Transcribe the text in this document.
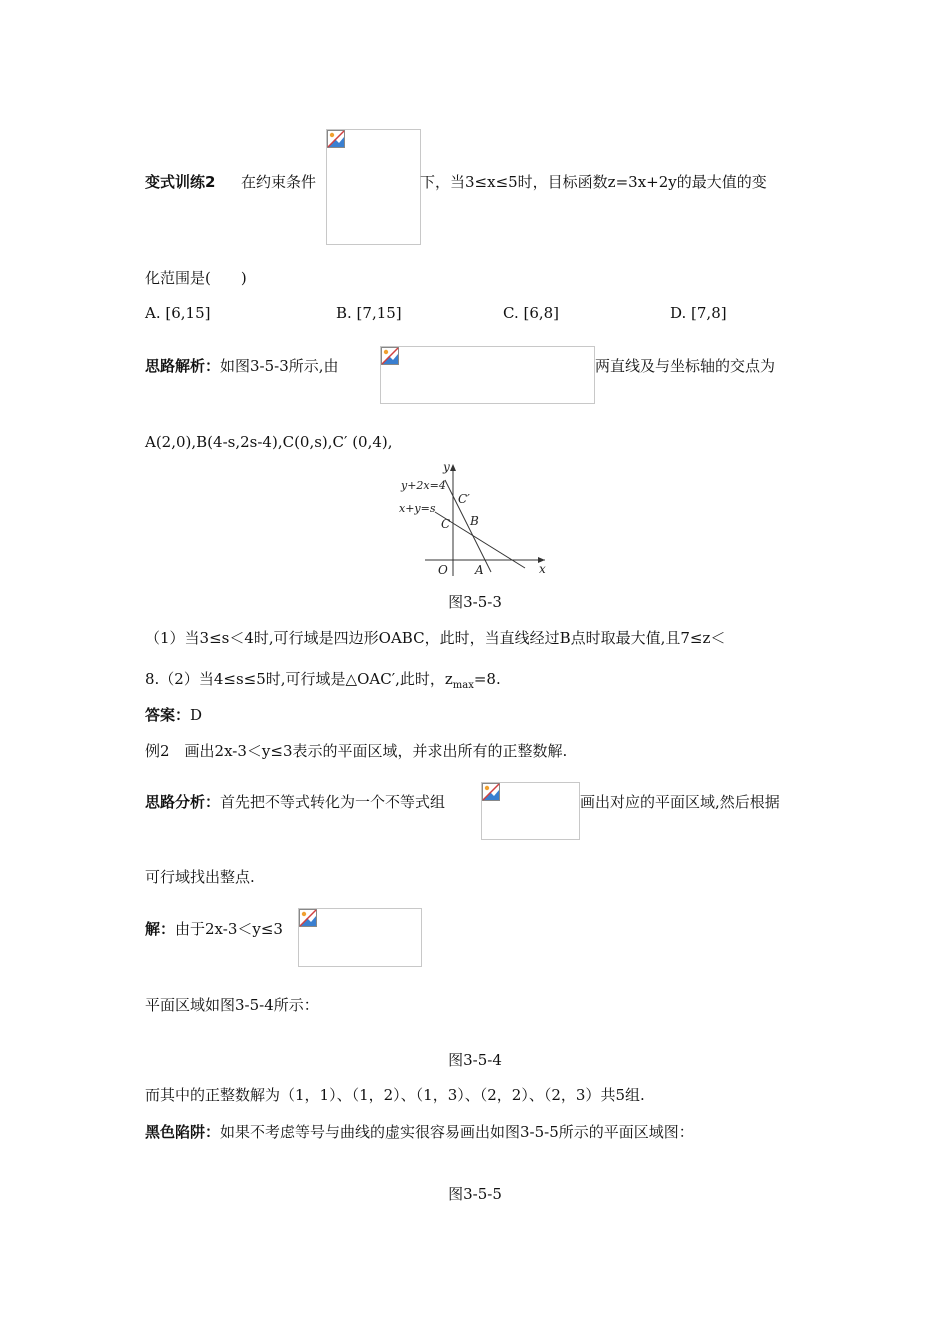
变式训练2 在约束条件	下，当3≤x≤5时，目标函数z=3x+2y的最大值的变
化范围是(　　)
A. [6,15]	B. [7,15]	C. [6,8]	D. [7,8]
思路解析：如图3-5-3所示,由	两直线及与坐标轴的交点为
A(2,0),B(4-s,2s-4),C(0,s),C′ (0,4),
y
x
O A
B
C
C′
y+2x=4
x+y=s
图3-5-3
（1）当3≤s＜4时,可行域是四边形OABC，此时，当直线经过B点时取最大值,且7≤z＜
8.（2）当4≤s≤5时,可行域是△OAC′,此时，$z_{max}=8$.
答案：D
例2　画出2x-3＜y≤3表示的平面区域，并求出所有的正整数解.
思路分析：首先把不等式转化为一个不等式组	画出对应的平面区域,然后根据
可行域找出整点.
解：由于2x-3＜y≤3
平面区域如图3-5-4所示：
图3-5-4
而其中的正整数解为（1，1）、（1，2）、（1，3）、（2，2）、（2，3）共5组.
黑色陷阱：如果不考虑等号与曲线的虚实很容易画出如图3-5-5所示的平面区域图：
图3-5-5
